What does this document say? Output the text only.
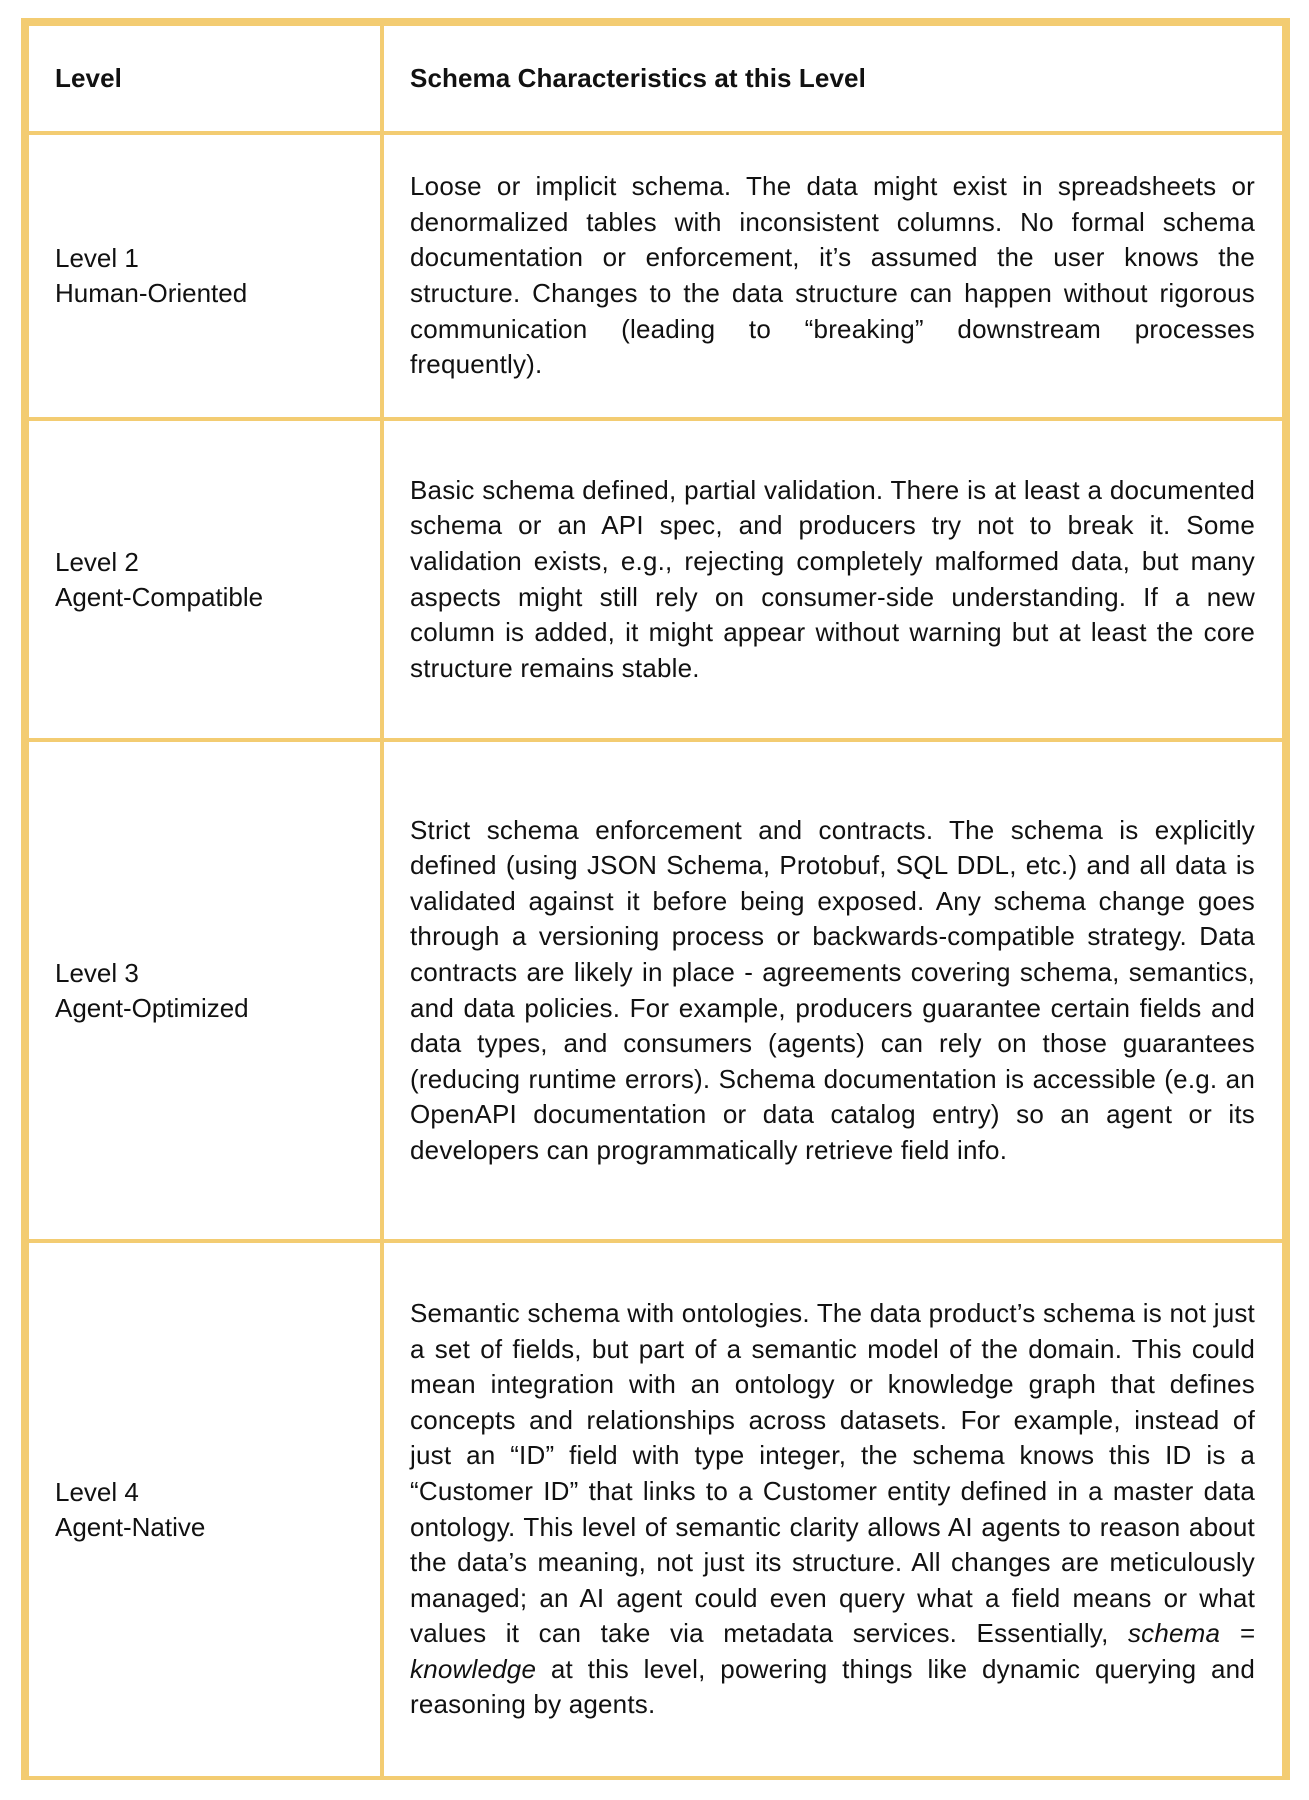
Level	Schema Characteristics at this Level

Level 1
Human-Oriented	Loose or implicit schema. The data might exist in spreadsheets or denormalized tables with inconsistent columns. No formal schema documentation or enforcement, it’s assumed the user knows the structure. Changes to the data structure can happen without rigorous communication (leading to “breaking” downstream processes frequently).

Level 2
Agent-Compatible	Basic schema defined, partial validation. There is at least a documented schema or an API spec, and producers try not to break it. Some validation exists, e.g., rejecting completely malformed data, but many aspects might still rely on consumer-side understanding. If a new column is added, it might appear without warning but at least the core structure remains stable.

Level 3
Agent-Optimized	Strict schema enforcement and contracts. The schema is explicitly defined (using JSON Schema, Protobuf, SQL DDL, etc.) and all data is validated against it before being exposed. Any schema change goes through a versioning process or backwards-compatible strategy. Data contracts are likely in place - agreements covering schema, semantics, and data policies. For example, producers guarantee certain fields and data types, and consumers (agents) can rely on those guarantees (reducing runtime errors). Schema documentation is accessible (e.g. an OpenAPI documentation or data catalog entry) so an agent or its developers can programmatically retrieve field info.

Level 4
Agent-Native	Semantic schema with ontologies. The data product’s schema is not just a set of fields, but part of a semantic model of the domain. This could mean integration with an ontology or knowledge graph that defines concepts and relationships across datasets. For example, instead of just an “ID” field with type integer, the schema knows this ID is a “Customer ID” that links to a Customer entity defined in a master data ontology. This level of semantic clarity allows AI agents to reason about the data’s meaning, not just its structure. All changes are meticulously managed; an AI agent could even query what a field means or what values it can take via metadata services. Essentially, schema = knowledge at this level, powering things like dynamic querying and reasoning by agents.
